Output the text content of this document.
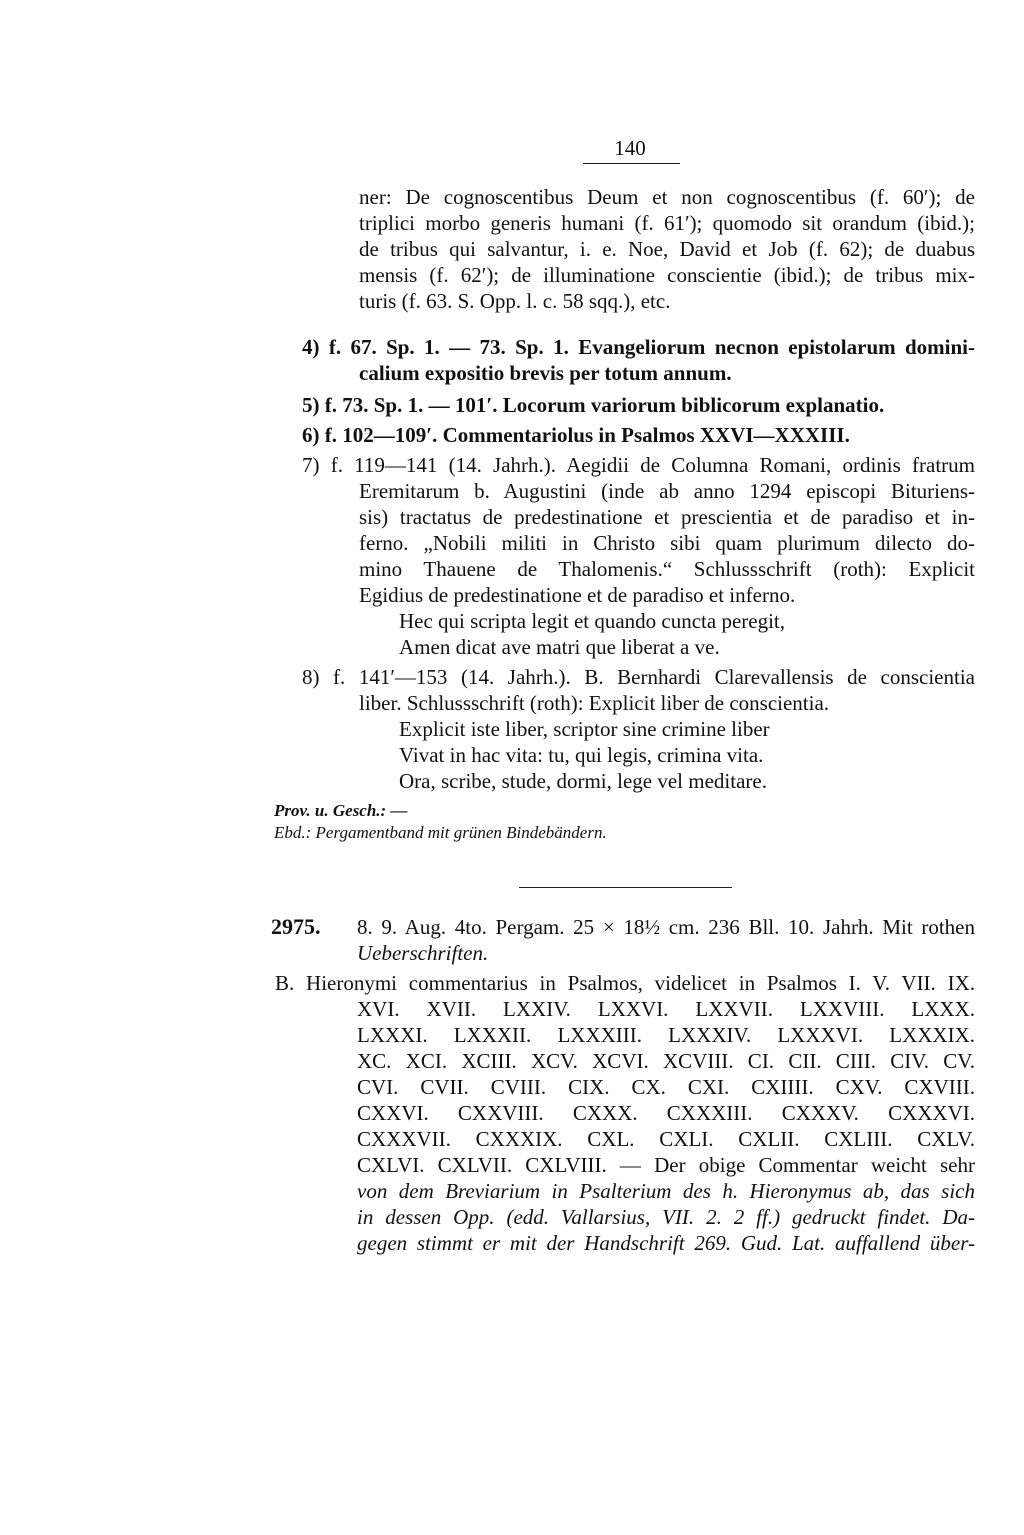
140
ner: De cognoscentibus Deum et non cognoscentibus (f. 60′); de
triplici morbo generis humani (f. 61′); quomodo sit orandum (ibid.);
de tribus qui salvantur, i. e. Noe, David et Job (f. 62); de duabus
mensis (f. 62′); de illuminatione conscientie (ibid.); de tribus mix-
turis (f. 63. S. Opp. l. c. 58 sqq.), etc.
4) f. 67. Sp. 1. — 73. Sp. 1. Evangeliorum necnon epistolarum domini-
calium expositio brevis per totum annum.
5) f. 73. Sp. 1. — 101′. Locorum variorum biblicorum explanatio.
6) f. 102—109′. Commentariolus in Psalmos XXVI—XXXIII.
7) f. 119—141 (14. Jahrh.). Aegidii de Columna Romani, ordinis fratrum
Eremitarum b. Augustini (inde ab anno 1294 episcopi Bituriens-
sis) tractatus de predestinatione et prescientia et de paradiso et in-
ferno. „Nobili militi in Christo sibi quam plurimum dilecto do-
mino Thauene de Thalomenis.“ Schlussschrift (roth): Explicit
Egidius de predestinatione et de paradiso et inferno.
Hec qui scripta legit et quando cuncta peregit,
Amen dicat ave matri que liberat a ve.
8) f. 141′—153 (14. Jahrh.). B. Bernhardi Clarevallensis de conscientia
liber. Schlussschrift (roth): Explicit liber de conscientia.
Explicit iste liber, scriptor sine crimine liber
Vivat in hac vita: tu, qui legis, crimina vita.
Ora, scribe, stude, dormi, lege vel meditare.
Prov. u. Gesch.: —
Ebd.: Pergamentband mit grünen Bindebändern.
2975. 8. 9. Aug. 4to. Pergam. 25 × 18½ cm. 236 Bll. 10. Jahrh. Mit rothen
Ueberschriften.
B. Hieronymi commentarius in Psalmos, videlicet in Psalmos I. V. VII. IX.
XVI. XVII. LXXIV. LXXVI. LXXVII. LXXVIII. LXXX.
LXXXI. LXXXII. LXXXIII. LXXXIV. LXXXVI. LXXXIX.
XC. XCI. XCIII. XCV. XCVI. XCVIII. CI. CII. CIII. CIV. CV.
CVI. CVII. CVIII. CIX. CX. CXI. CXIIII. CXV. CXVIII.
CXXVI. CXXVIII. CXXX. CXXXIII. CXXXV. CXXXVI.
CXXXVII. CXXXIX. CXL. CXLI. CXLII. CXLIII. CXLV.
CXLVI. CXLVII. CXLVIII. — Der obige Commentar weicht sehr
von dem Breviarium in Psalterium des h. Hieronymus ab, das sich
in dessen Opp. (edd. Vallarsius, VII. 2. 2 ff.) gedruckt findet. Da-
gegen stimmt er mit der Handschrift 269. Gud. Lat. auffallend über-
